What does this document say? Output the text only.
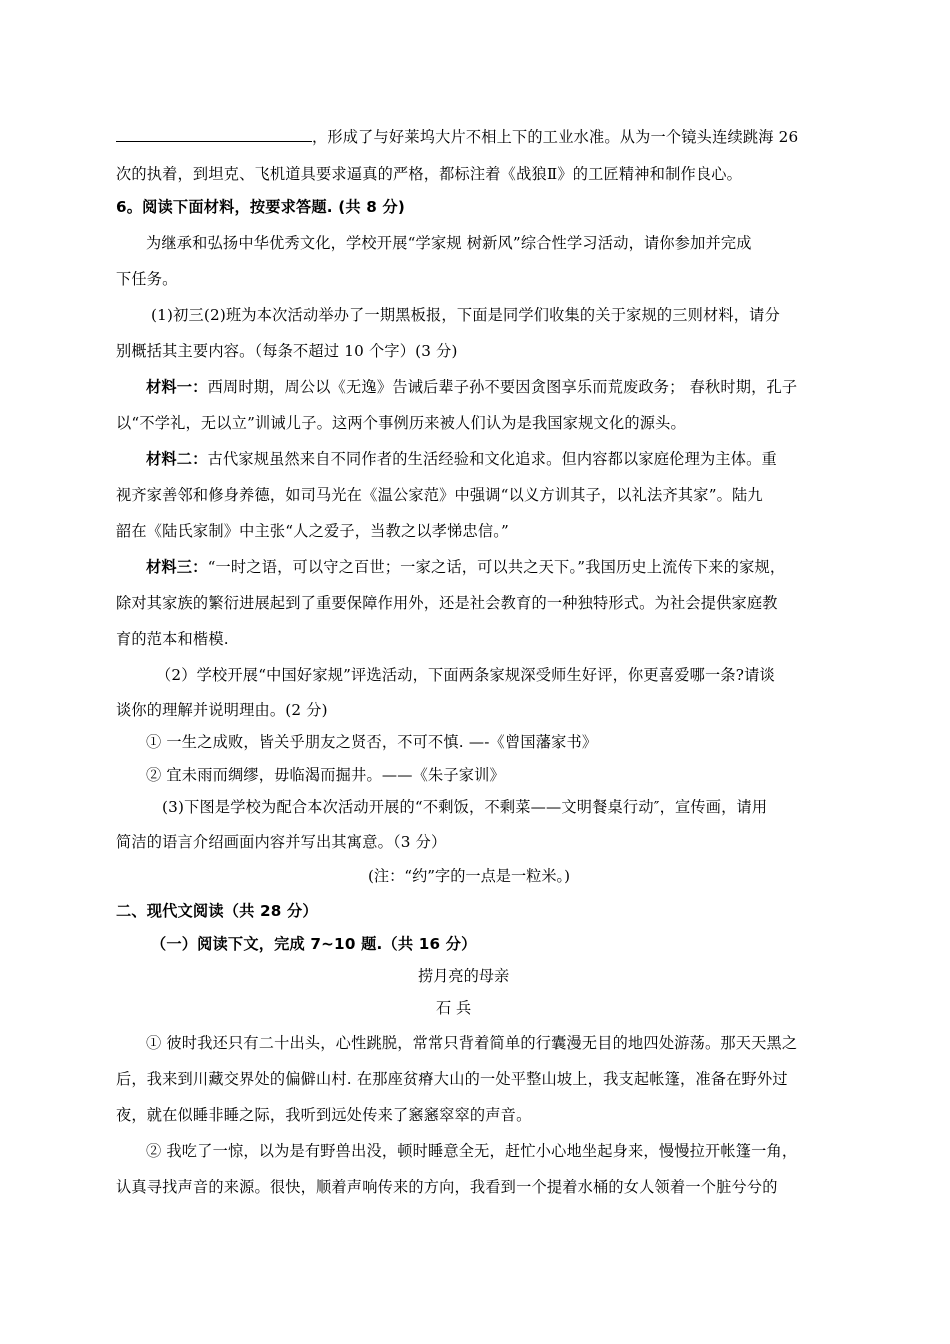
，形成了与好莱坞大片不相上下的工业水准。从为一个镜头连续跳海 26
次的执着，到坦克、飞机道具要求逼真的严格，都标注着《战狼Ⅱ》的工匠精神和制作良心。
6。阅读下面材料，按要求答题. (共 8 分)
为继承和弘扬中华优秀文化，学校开展“学家规 树新风”综合性学习活动，请你参加并完成
下任务。
(1)初三(2)班为本次活动举办了一期黑板报，下面是同学们收集的关于家规的三则材料，请分
别概括其主要内容。（每条不超过 10 个字）(3 分)
材料一：西周时期，周公以《无逸》告诫后辈子孙不要因贪图享乐而荒废政务； 春秋时期，孔子
以“不学礼，无以立”训诫儿子。这两个事例历来被人们认为是我国家规文化的源头。
材料二：古代家规虽然来自不同作者的生活经验和文化追求。但内容都以家庭伦理为主体。重
视齐家善邻和修身养德，如司马光在《温公家范》中强调“以义方训其子，以礼法齐其家”。陆九
韶在《陆氏家制》中主张“人之爱子，当教之以孝悌忠信。”
材料三：“一时之语，可以守之百世；一家之话，可以共之天下。”我国历史上流传下来的家规，
除对其家族的繁衍进展起到了重要保障作用外，还是社会教育的一种独特形式。为社会提供家庭教
育的范本和楷模.
（2）学校开展“中国好家规”评选活动，下面两条家规深受师生好评，你更喜爱哪一条?请谈
谈你的理解并说明理由。(2 分)
① 一生之成败，皆关乎朋友之贤否，不可不慎. —-《曾国藩家书》
② 宜未雨而绸缪，毋临渴而掘井。——《朱子家训》
(3)下图是学校为配合本次活动开展的“不剩饭，不剩菜——文明餐桌行动″，宣传画，请用
简洁的语言介绍画面内容并写出其寓意。（3 分）
(注：“约”字的一点是一粒米。)
二、现代文阅读（共 28 分）
（一）阅读下文，完成 7~10 题.（共 16 分）
捞月亮的母亲
石 兵
① 彼时我还只有二十出头，心性跳脱，常常只背着简单的行囊漫无目的地四处游荡。那天天黑之
后，我来到川藏交界处的偏僻山村. 在那座贫瘠大山的一处平整山坡上，我支起帐篷，准备在野外过
夜，就在似睡非睡之际，我听到远处传来了窸窸窣窣的声音。
② 我吃了一惊，以为是有野兽出没，顿时睡意全无，赶忙小心地坐起身来，慢慢拉开帐篷一角，
认真寻找声音的来源。很快，顺着声响传来的方向，我看到一个提着水桶的女人领着一个脏兮兮的
